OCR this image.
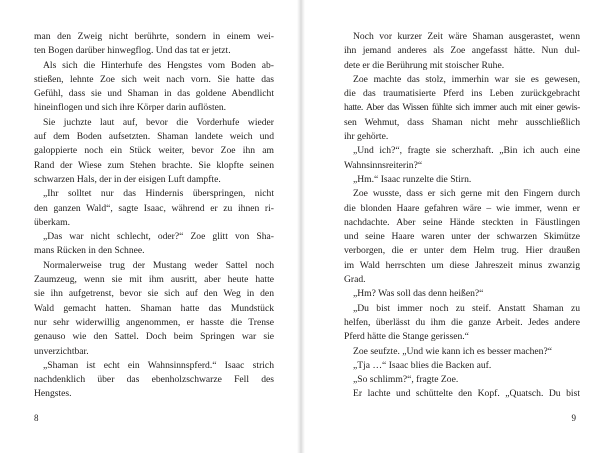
man den Zweig nicht berührte, sondern in einem wei-
ten Bogen darüber hinwegflog. Und das tat er jetzt.
Als sich die Hinterhufe des Hengstes vom Boden ab-
stießen, lehnte Zoe sich weit nach vorn. Sie hatte das
Gefühl, dass sie und Shaman in das goldene Abendlicht
hineinflogen und sich ihre Körper darin auflösten.
Sie juchzte laut auf, bevor die Vorderhufe wieder
auf dem Boden aufsetzten. Shaman landete weich und
galoppierte noch ein Stück weiter, bevor Zoe ihn am
Rand der Wiese zum Stehen brachte. Sie klopfte seinen
schwarzen Hals, der in der eisigen Luft dampfte.
„Ihr solltet nur das Hindernis überspringen, nicht
den ganzen Wald“, sagte Isaac, während er zu ihnen ri-
überkam.
„Das war nicht schlecht, oder?“ Zoe glitt von Sha-
mans Rücken in den Schnee.
Normalerweise trug der Mustang weder Sattel noch
Zaumzeug, wenn sie mit ihm ausritt, aber heute hatte
sie ihn aufgetrenst, bevor sie sich auf den Weg in den
Wald gemacht hatten. Shaman hatte das Mundstück
nur sehr widerwillig angenommen, er hasste die Trense
genauso wie den Sattel. Doch beim Springen war sie
unverzichtbar.
„Shaman ist echt ein Wahnsinnspferd.“ Isaac strich
nachdenklich über das ebenholzschwarze Fell des
Hengstes.
8
Noch vor kurzer Zeit wäre Shaman ausgerastet, wenn
ihn jemand anderes als Zoe angefasst hätte. Nun dul-
dete er die Berührung mit stoischer Ruhe.
Zoe machte das stolz, immerhin war sie es gewesen,
die das traumatisierte Pferd ins Leben zurückgebracht
hatte. Aber das Wissen fühlte sich immer auch mit einer gewis-
sen Wehmut, dass Shaman nicht mehr ausschließlich
ihr gehörte.
„Und ich?“, fragte sie scherzhaft. „Bin ich auch eine
Wahnsinnsreiterin?“
„Hm.“ Isaac runzelte die Stirn.
Zoe wusste, dass er sich gerne mit den Fingern durch
die blonden Haare gefahren wäre – wie immer, wenn er
nachdachte. Aber seine Hände steckten in Fäustlingen
und seine Haare waren unter der schwarzen Skimütze
verborgen, die er unter dem Helm trug. Hier draußen
im Wald herrschten um diese Jahreszeit minus zwanzig
Grad.
„Hm? Was soll das denn heißen?“
„Du bist immer noch zu steif. Anstatt Shaman zu
helfen, überlässt du ihm die ganze Arbeit. Jedes andere
Pferd hätte die Stange gerissen.“
Zoe seufzte. „Und wie kann ich es besser machen?“
„Tja …“ Isaac blies die Backen auf.
„So schlimm?“, fragte Zoe.
Er lachte und schüttelte den Kopf. „Quatsch. Du bist
9
